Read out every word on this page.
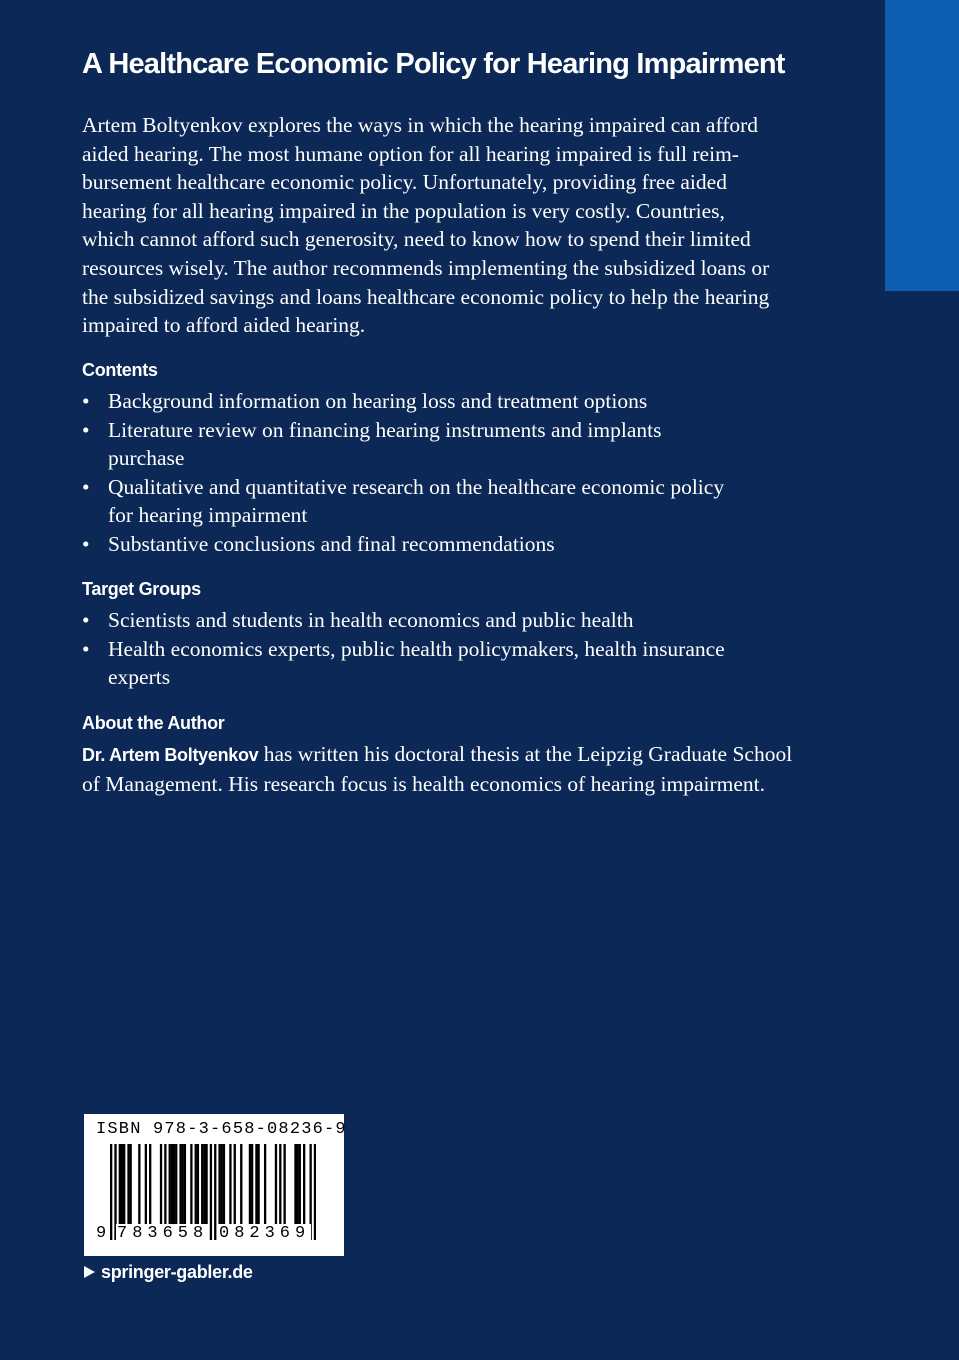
A Healthcare Economic Policy for Hearing Impairment

Artem Boltyenkov explores the ways in which the hearing impaired can afford
aided hearing. The most humane option for all hearing impaired is full reim-
bursement healthcare economic policy. Unfortunately, providing free aided
hearing for all hearing impaired in the population is very costly. Countries,
which cannot afford such generosity, need to know how to spend their limited
resources wisely. The author recommends implementing the subsidized loans or
the subsidized savings and loans healthcare economic policy to help the hearing
impaired to afford aided hearing.

Contents
• Background information on hearing loss and treatment options
• Literature review on financing hearing instruments and implants
purchase
• Qualitative and quantitative research on the healthcare economic policy
for hearing impairment
• Substantive conclusions and final recommendations
Target Groups
• Scientists and students in health economics and public health
• Health economics experts, public health policymakers, health insurance
experts
About the Author

Dr. Artem Boltyenkov has written his doctoral thesis at the Leipzig Graduate School
of Management. His research focus is health economics of hearing impairment.

ISBN 978-3-658-08236-9
9 783658 082369
springer-gabler.de
